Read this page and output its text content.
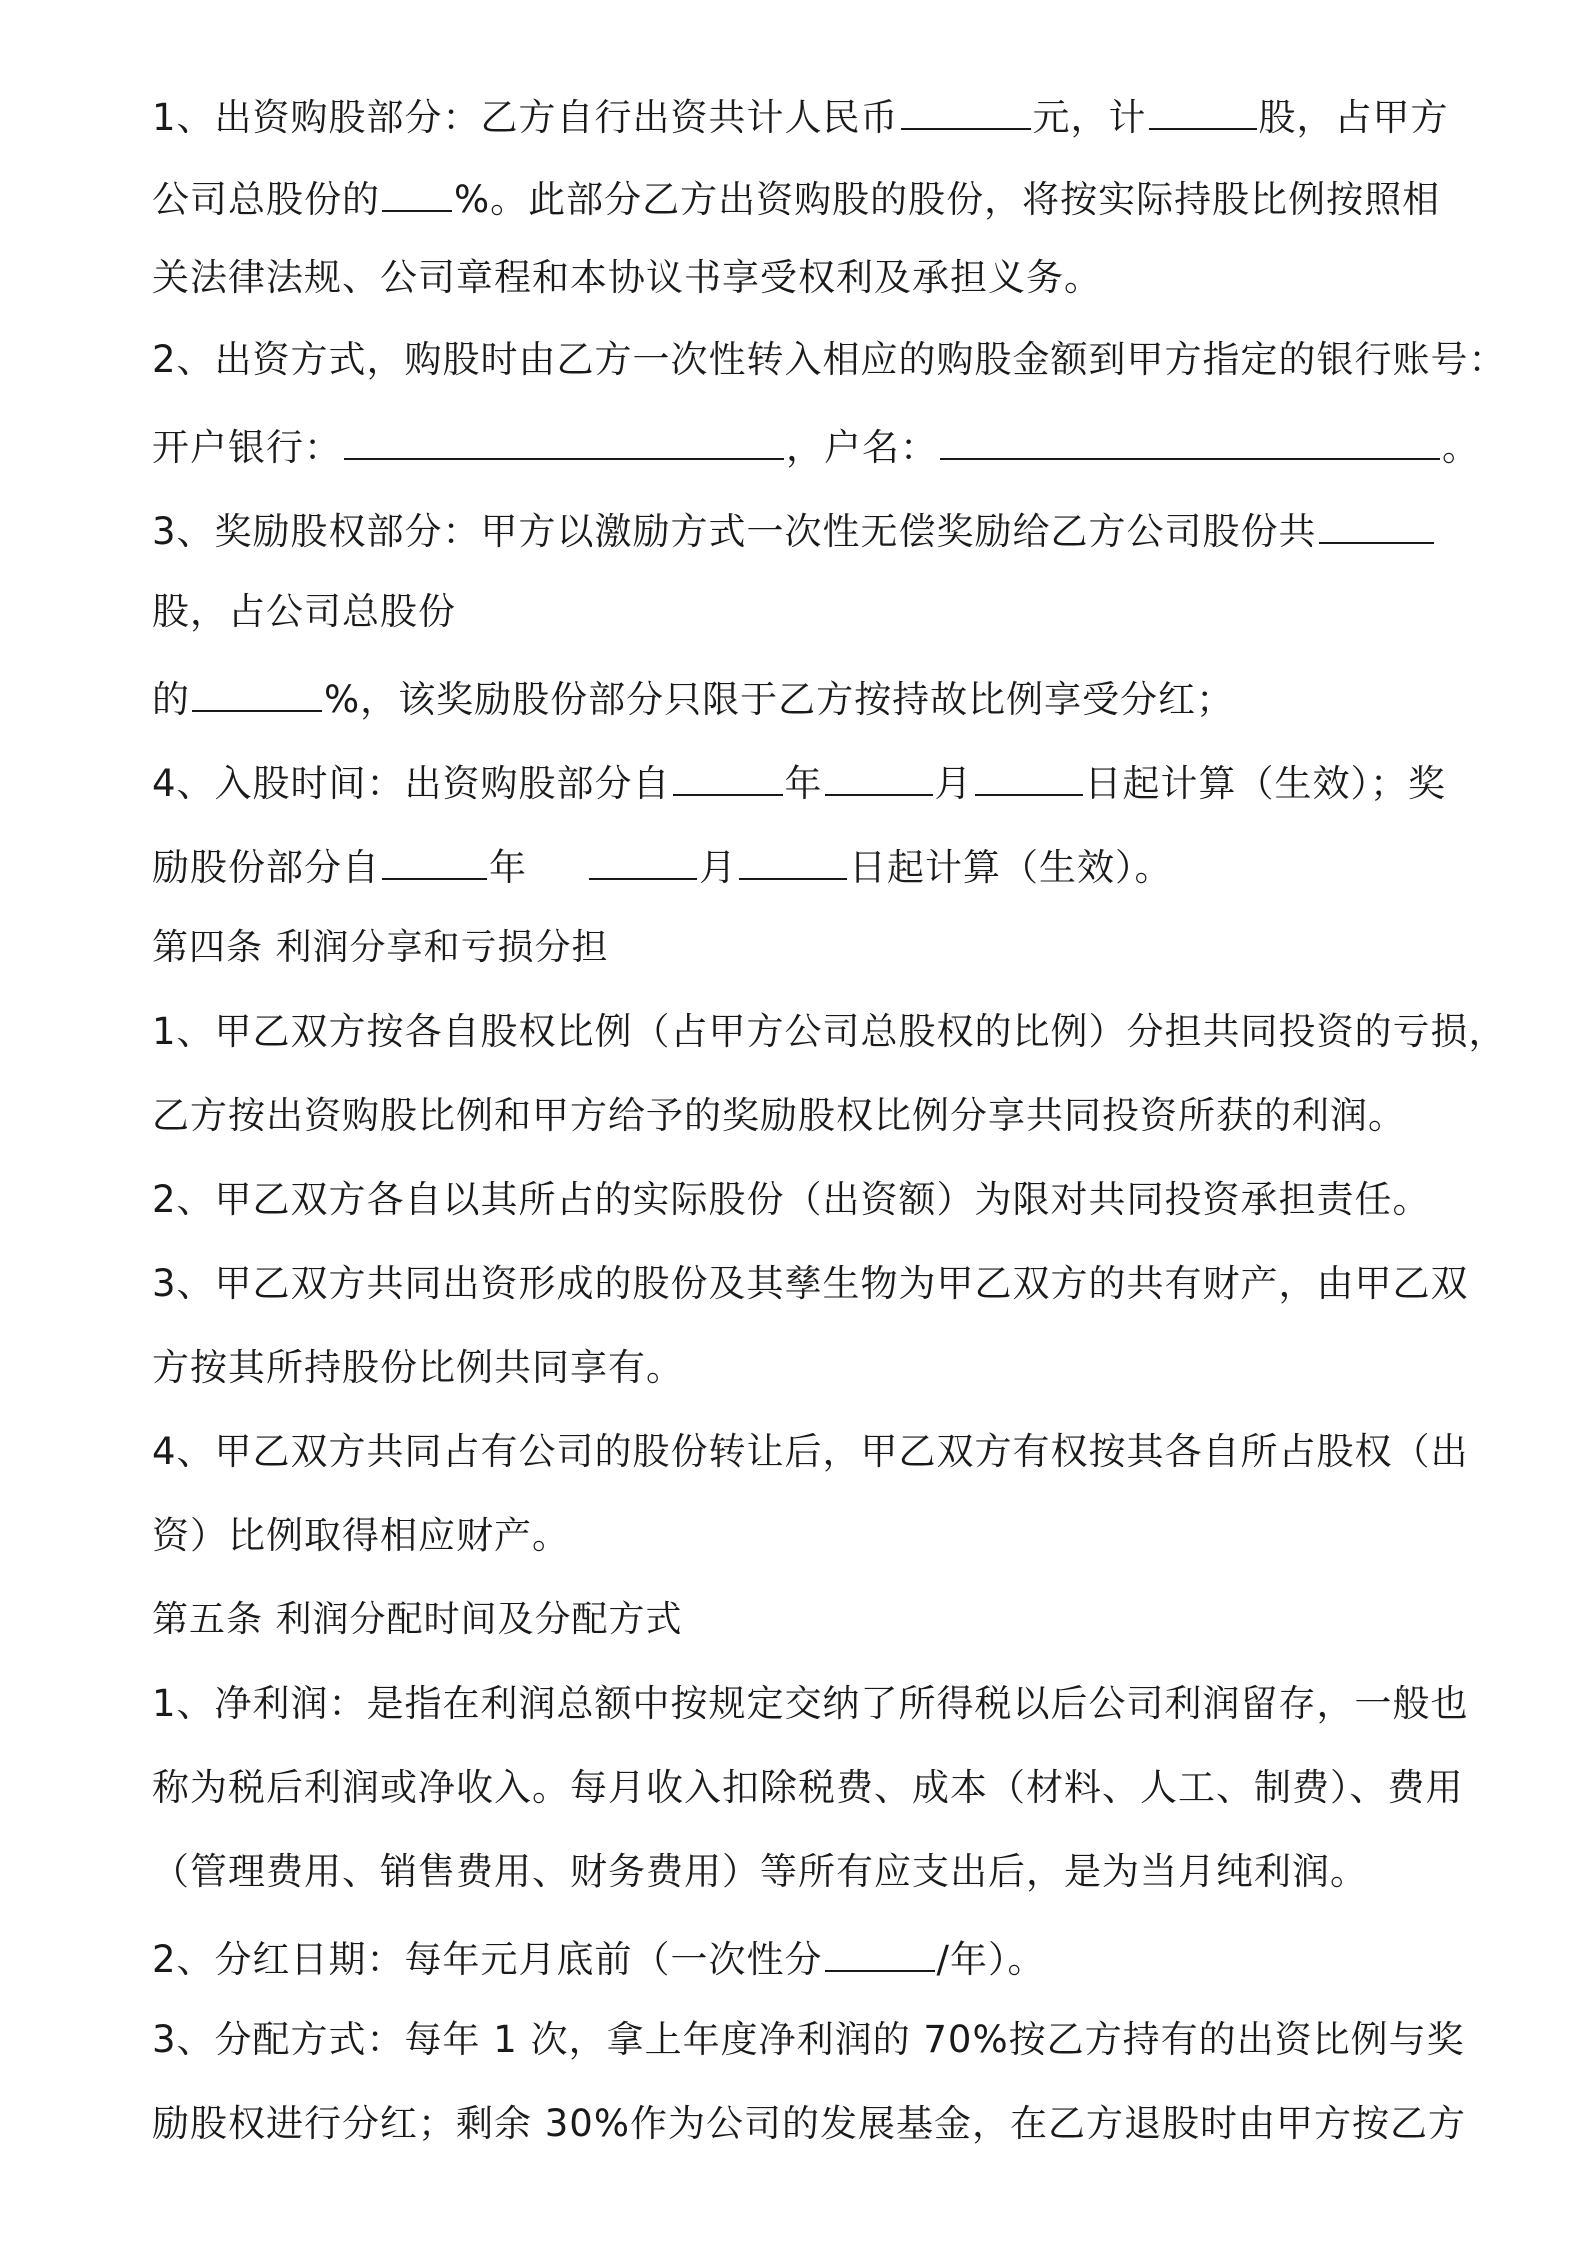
1、出资购股部分：乙方自行出资共计人民币	元，计	股，占甲方
公司总股份的 %。此部分乙方出资购股的股份，将按实际持股比例按照相
关法律法规、公司章程和本协议书享受权利及承担义务。
2、出资方式，购股时由乙方一次性转入相应的购股金额到甲方指定的银行账号：
开户银行：	，户名：	。
3、奖励股权部分：甲方以激励方式一次性无偿奖励给乙方公司股份共
股，占公司总股份
的	%，该奖励股份部分只限于乙方按持故比例享受分红；
4、入股时间：出资购股部分自	年	月	日起计算（生效）；奖
励股份部分自	年	月	日起计算（生效）。
第四条 利润分享和亏损分担
1、甲乙双方按各自股权比例（占甲方公司总股权的比例）分担共同投资的亏损，
乙方按出资购股比例和甲方给予的奖励股权比例分享共同投资所获的利润。
2、甲乙双方各自以其所占的实际股份（出资额）为限对共同投资承担责任。
3、甲乙双方共同出资形成的股份及其孳生物为甲乙双方的共有财产，由甲乙双
方按其所持股份比例共同享有。
4、甲乙双方共同占有公司的股份转让后，甲乙双方有权按其各自所占股权（出
资）比例取得相应财产。
第五条 利润分配时间及分配方式
1、净利润：是指在利润总额中按规定交纳了所得税以后公司利润留存，一般也
称为税后利润或净收入。每月收入扣除税费、成本（材料、人工、制费）、费用
（管理费用、销售费用、财务费用）等所有应支出后，是为当月纯利润。
2、分红日期：每年元月底前（一次性分	/年）。
3、分配方式：每年 1 次，拿上年度净利润的 70%按乙方持有的出资比例与奖
励股权进行分红；剩余 30%作为公司的发展基金，在乙方退股时由甲方按乙方
